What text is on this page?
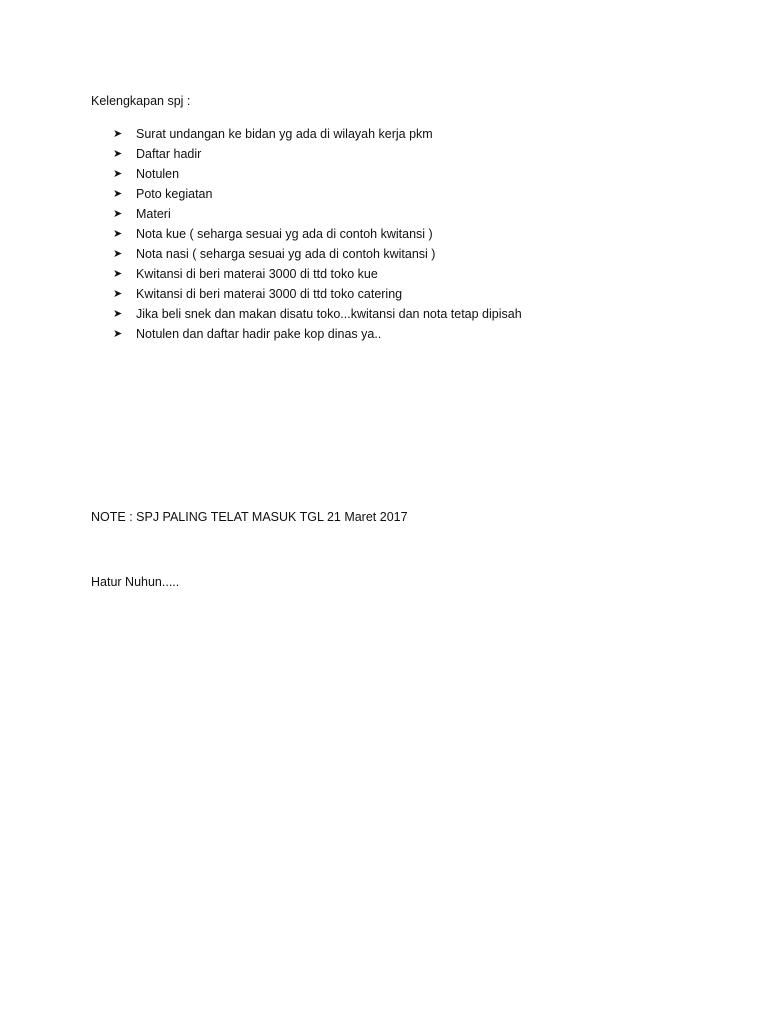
Kelengkapan spj :

➤	Surat undangan ke bidan yg ada di wilayah kerja pkm
➤	Daftar hadir
➤	Notulen
➤	Poto kegiatan
➤	Materi
➤	Nota kue ( seharga sesuai yg ada di contoh kwitansi )
➤	Nota nasi ( seharga sesuai yg ada di contoh kwitansi )
➤	Kwitansi di beri materai 3000 di ttd toko kue
➤	Kwitansi di beri materai 3000 di ttd toko catering
➤	Jika beli snek dan makan disatu toko...kwitansi dan nota tetap dipisah
➤	Notulen dan daftar hadir pake kop dinas ya..

NOTE : SPJ PALING TELAT MASUK TGL 21 Maret 2017

Hatur Nuhun.....
